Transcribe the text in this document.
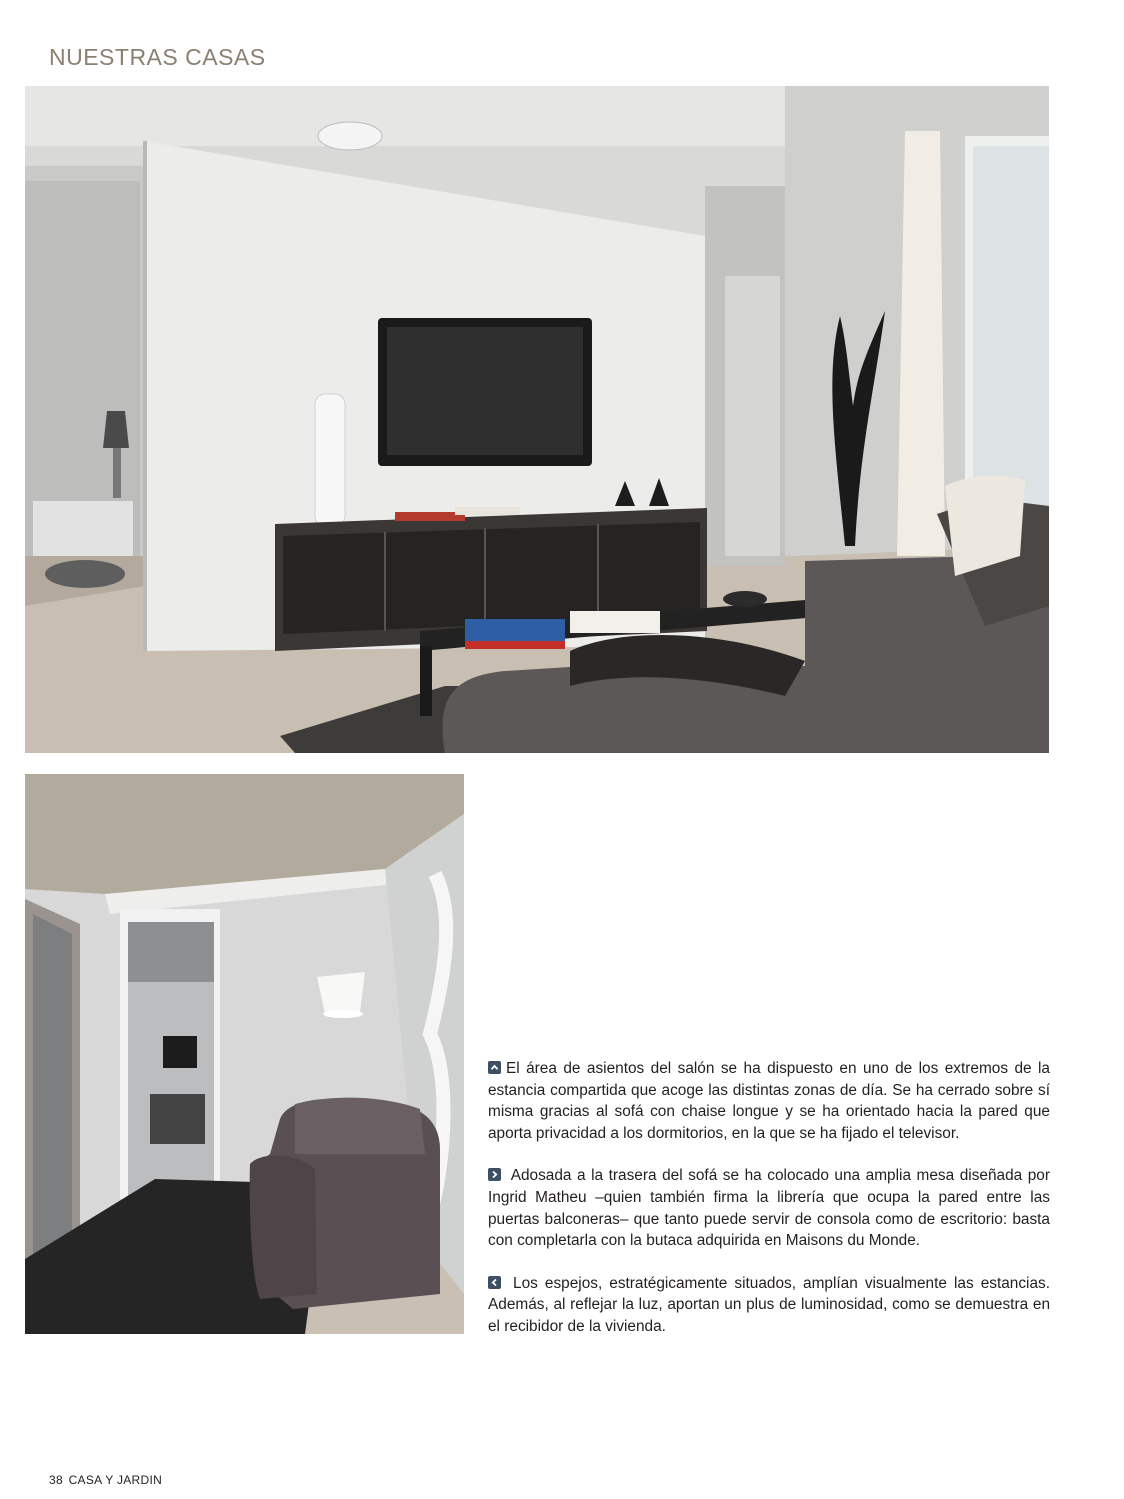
NUESTRAS CASAS

El área de asientos del salón se ha dispuesto en uno de los extremos de la estancia compartida que acoge las distintas zonas de día. Se ha cerrado sobre sí misma gracias al sofá con chaise longue y se ha orientado hacia la pared que aporta privacidad a los dormitorios, en la que se ha fijado el televisor.

Adosada a la trasera del sofá se ha colocado una amplia mesa diseñada por Ingrid Matheu –quien también firma la librería que ocupa la pared entre las puertas balconeras– que tanto puede servir de consola como de escritorio: basta con completarla con la butaca adquirida en Maisons du Monde.

Los espejos, estratégicamente situados, amplían visualmente las estancias. Además, al reflejar la luz, aportan un plus de luminosidad, como se demuestra en el recibidor de la vivienda.

38 CASA Y JARDIN
